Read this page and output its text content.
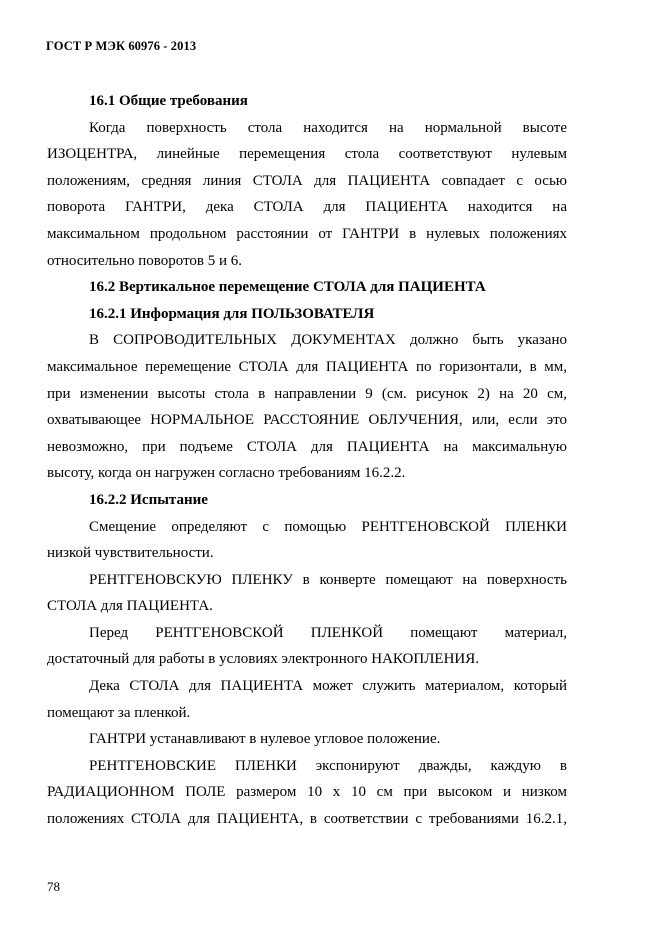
ГОСТ Р МЭК 60976 - 2013
16.1 Общие требования
Когда поверхность стола находится на нормальной высоте
ИЗОЦЕНТРА, линейные перемещения стола соответствуют нулевым
положениям, средняя линия СТОЛА для ПАЦИЕНТА совпадает с осью
поворота ГАНТРИ, дека СТОЛА для ПАЦИЕНТА находится на
максимальном продольном расстоянии от ГАНТРИ в нулевых положениях
относительно поворотов 5 и 6.
16.2 Вертикальное перемещение СТОЛА для ПАЦИЕНТА
16.2.1 Информация для ПОЛЬЗОВАТЕЛЯ
В СОПРОВОДИТЕЛЬНЫХ ДОКУМЕНТАХ должно быть указано
максимальное перемещение СТОЛА для ПАЦИЕНТА по горизонтали, в мм,
при изменении высоты стола в направлении 9 (см. рисунок 2) на 20 см,
охватывающее НОРМАЛЬНОЕ РАССТОЯНИЕ ОБЛУЧЕНИЯ, или, если это
невозможно, при подъеме СТОЛА для ПАЦИЕНТА на максимальную
высоту, когда он нагружен согласно требованиям 16.2.2.
16.2.2 Испытание
Смещение определяют с помощью РЕНТГЕНОВСКОЙ ПЛЕНКИ
низкой чувствительности.
РЕНТГЕНОВСКУЮ ПЛЕНКУ в конверте помещают на поверхность
СТОЛА для ПАЦИЕНТА.
Перед РЕНТГЕНОВСКОЙ ПЛЕНКОЙ помещают материал,
достаточный для работы в условиях электронного НАКОПЛЕНИЯ.
Дека СТОЛА для ПАЦИЕНТА может служить материалом, который
помещают за пленкой.
ГАНТРИ устанавливают в нулевое угловое положение.
РЕНТГЕНОВСКИЕ ПЛЕНКИ экспонируют дважды, каждую в
РАДИАЦИОННОМ ПОЛЕ размером 10 х 10 см при высоком и низком
положениях СТОЛА для ПАЦИЕНТА, в соответствии с требованиями 16.2.1,
78
